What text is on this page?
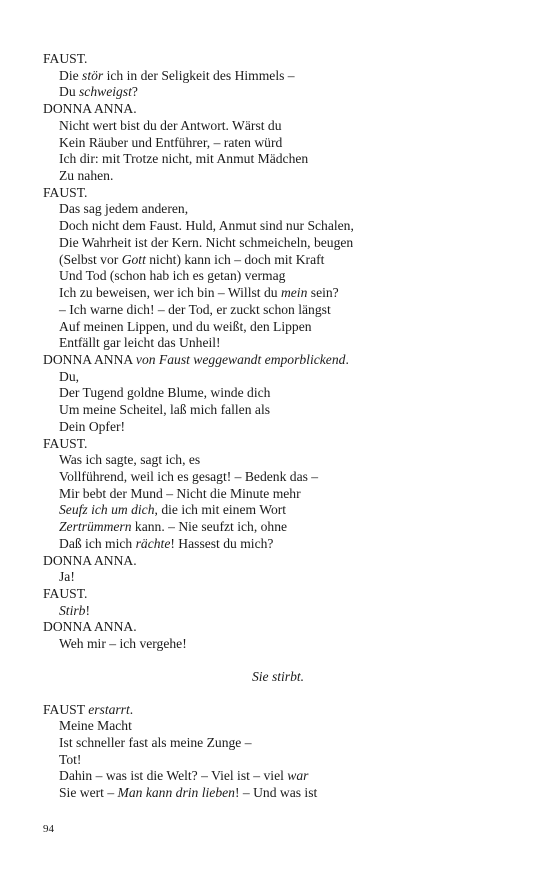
FAUST.
Die stör ich in der Seligkeit des Himmels –
Du schweigst?
DONNA ANNA.
Nicht wert bist du der Antwort. Wärst du
Kein Räuber und Entführer, – raten würd
Ich dir: mit Trotze nicht, mit Anmut Mädchen
Zu nahen.
FAUST.
Das sag jedem anderen,
Doch nicht dem Faust. Huld, Anmut sind nur Schalen,
Die Wahrheit ist der Kern. Nicht schmeicheln, beugen
(Selbst vor Gott nicht) kann ich – doch mit Kraft
Und Tod (schon hab ich es getan) vermag
Ich zu beweisen, wer ich bin – Willst du mein sein?
– Ich warne dich! – der Tod, er zuckt schon längst
Auf meinen Lippen, und du weißt, den Lippen
Entfällt gar leicht das Unheil!
DONNA ANNA von Faust weggewandt emporblickend.
Du,
Der Tugend goldne Blume, winde dich
Um meine Scheitel, laß mich fallen als
Dein Opfer!
FAUST.
Was ich sagte, sagt ich, es
Vollführend, weil ich es gesagt! – Bedenk das –
Mir bebt der Mund – Nicht die Minute mehr
Seufz ich um dich, die ich mit einem Wort
Zertrümmern kann. – Nie seufzt ich, ohne
Daß ich mich rächte! Hassest du mich?
DONNA ANNA.
Ja!
FAUST.
Stirb!
DONNA ANNA.
Weh mir – ich vergehe!
Sie stirbt.
FAUST erstarrt.
Meine Macht
Ist schneller fast als meine Zunge –
Tot!
Dahin – was ist die Welt? – Viel ist – viel war
Sie wert – Man kann drin lieben! – Und was ist
94
